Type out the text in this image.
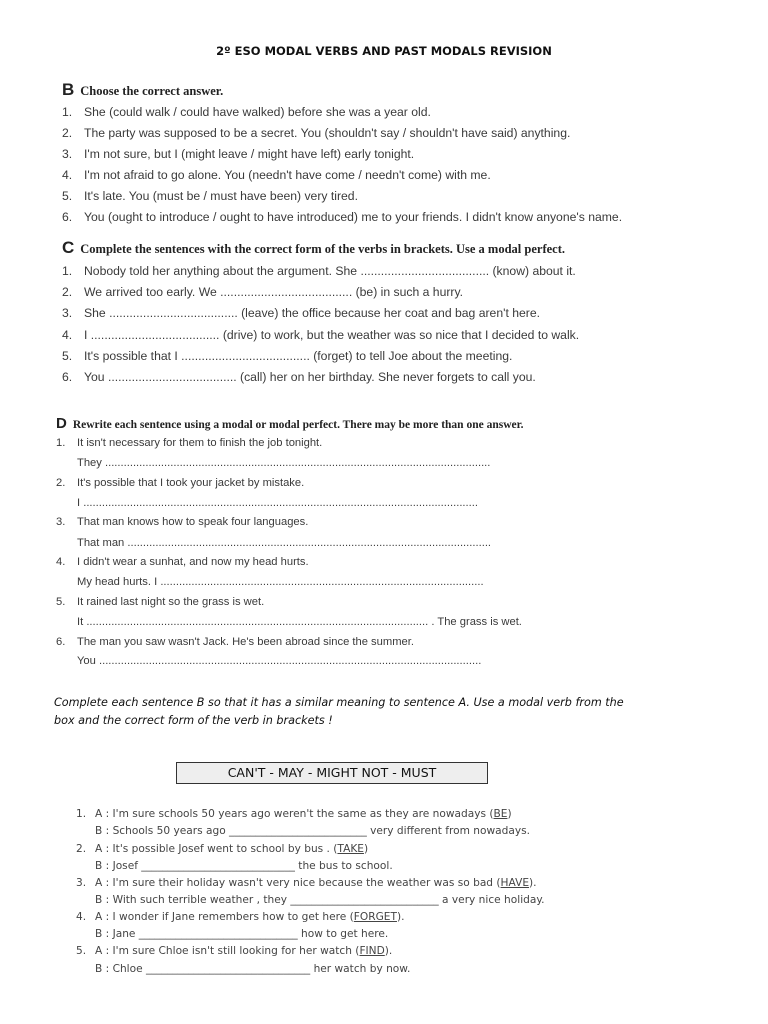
2º ESO MODAL VERBS AND PAST MODALS REVISION
B Choose the correct answer.
1. She (could walk / could have walked) before she was a year old.
2. The party was supposed to be a secret. You (shouldn't say / shouldn't have said) anything.
3. I'm not sure, but I (might leave / might have left) early tonight.
4. I'm not afraid to go alone. You (needn't have come / needn't come) with me.
5. It's late. You (must be / must have been) very tired.
6. You (ought to introduce / ought to have introduced) me to your friends. I didn't know anyone's name.
C Complete the sentences with the correct form of the verbs in brackets. Use a modal perfect.
1. Nobody told her anything about the argument. She ...................................... (know) about it.
2. We arrived too early. We ....................................... (be) in such a hurry.
3. She ...................................... (leave) the office because her coat and bag aren't here.
4. I ...................................... (drive) to work, but the weather was so nice that I decided to walk.
5. It's possible that I ...................................... (forget) to tell Joe about the meeting.
6. You ...................................... (call) her on her birthday. She never forgets to call you.
D Rewrite each sentence using a modal or modal perfect. There may be more than one answer.
1. It isn't necessary for them to finish the job tonight.
They ............................................................................................................................
2. It's possible that I took your jacket by mistake.
I ...............................................................................................................................
3. That man knows how to speak four languages.
That man .....................................................................................................................
4. I didn't wear a sunhat, and now my head hurts.
My head hurts. I ........................................................................................................
5. It rained last night so the grass is wet.
It .............................................................................................................. . The grass is wet.
6. The man you saw wasn't Jack. He's been abroad since the summer.
You ...........................................................................................................................
Complete each sentence B so that it has a similar meaning to sentence A. Use a modal verb from the
box and the correct form of the verb in brackets !
CAN'T - MAY - MIGHT NOT - MUST
1. A : I'm sure schools 50 years ago weren't the same as they are nowadays (BE)
B : Schools 50 years ago __________________________ very different from nowadays.
2. A : It's possible Josef went to school by bus . (TAKE)
B : Josef _____________________________ the bus to school.
3. A : I'm sure their holiday wasn't very nice because the weather was so bad (HAVE).
B : With such terrible weather , they ____________________________ a very nice holiday.
4. A : I wonder if Jane remembers how to get here (FORGET).
B : Jane ______________________________ how to get here.
5. A : I'm sure Chloe isn't still looking for her watch (FIND).
B : Chloe _______________________________ her watch by now.
